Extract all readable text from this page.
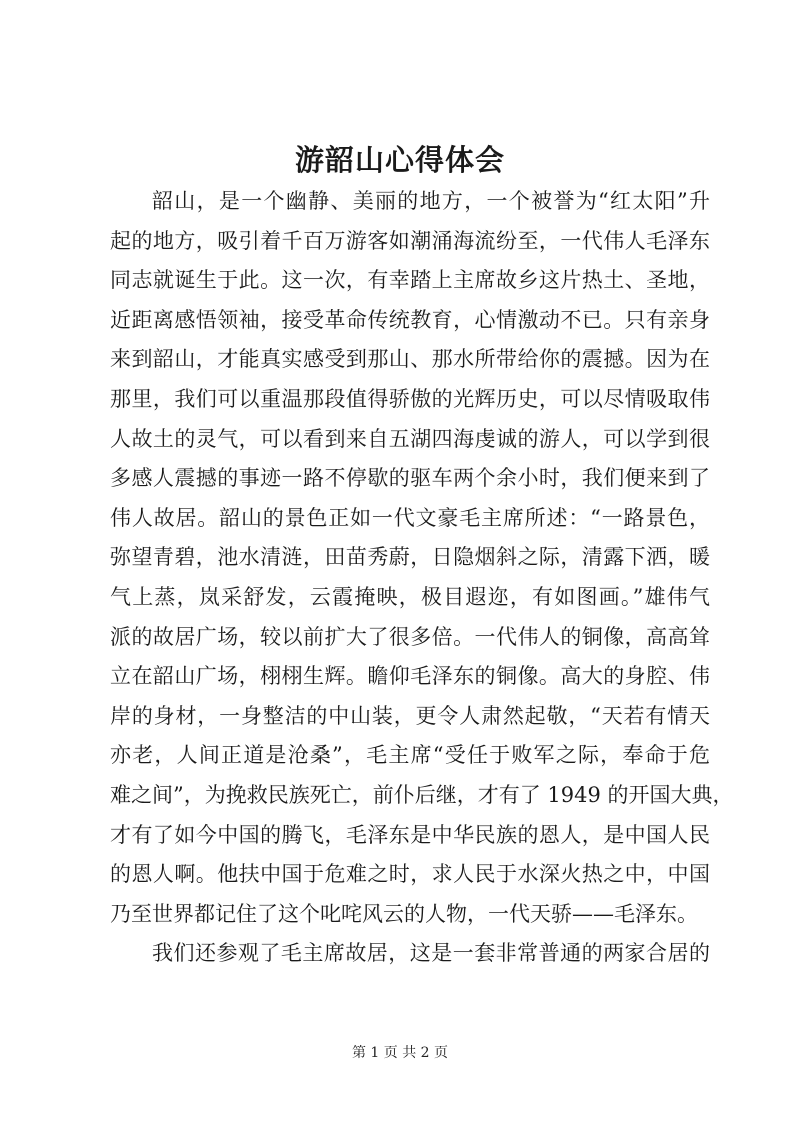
游韶山心得体会
韶山，是一个幽静、美丽的地方，一个被誉为“红太阳”升
起的地方，吸引着千百万游客如潮涌海流纷至，一代伟人毛泽东
同志就诞生于此。这一次，有幸踏上主席故乡这片热土、圣地，
近距离感悟领袖，接受革命传统教育，心情激动不已。只有亲身
来到韶山，才能真实感受到那山、那水所带给你的震撼。因为在
那里，我们可以重温那段值得骄傲的光辉历史，可以尽情吸取伟
人故土的灵气，可以看到来自五湖四海虔诚的游人，可以学到很
多感人震撼的事迹一路不停歇的驱车两个余小时，我们便来到了
伟人故居。韶山的景色正如一代文豪毛主席所述：“一路景色，
弥望青碧，池水清涟，田苗秀蔚，日隐烟斜之际，清露下洒，暖
气上蒸，岚采舒发，云霞掩映，极目遐迩，有如图画。”雄伟气
派的故居广场，较以前扩大了很多倍。一代伟人的铜像，高高耸
立在韶山广场，栩栩生辉。瞻仰毛泽东的铜像。高大的身腔、伟
岸的身材，一身整洁的中山装，更令人肃然起敬，“天若有情天
亦老，人间正道是沧桑”，毛主席“受任于败军之际，奉命于危
难之间”，为挽救民族死亡，前仆后继，才有了 1949 的开国大典，
才有了如今中国的腾飞，毛泽东是中华民族的恩人，是中国人民
的恩人啊。他扶中国于危难之时，求人民于水深火热之中，中国
乃至世界都记住了这个叱咤风云的人物，一代天骄——毛泽东。
我们还参观了毛主席故居，这是一套非常普通的两家合居的
第 1 页 共 2 页
